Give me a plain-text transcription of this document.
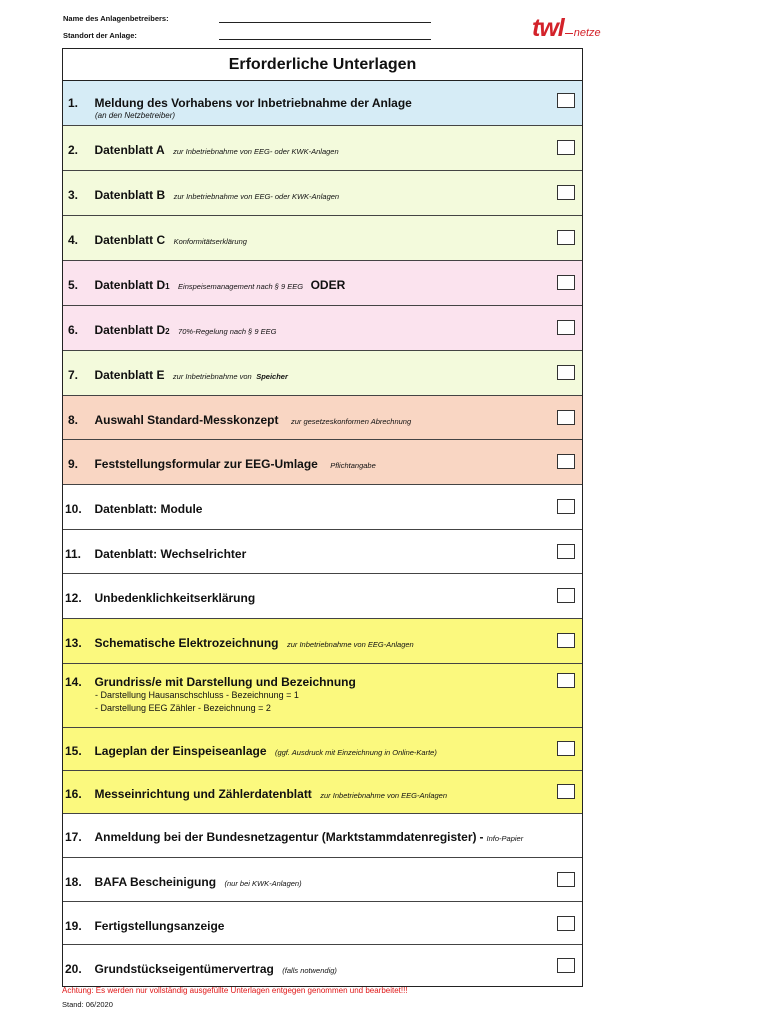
Name des Anlagenbetreibers:
Standort der Anlage:	twl netze
Erforderliche Unterlagen
1. Meldung des Vorhabens vor Inbetriebnahme der Anlage
(an den Netzbetreiber)
2. Datenblatt A zur Inbetriebnahme von EEG- oder KWK-Anlagen
3. Datenblatt B zur Inbetriebnahme von EEG- oder KWK-Anlagen
4. Datenblatt C Konformitätserklärung
5. Datenblatt D1 Einspeisemanagement nach § 9 EEG ODER
6. Datenblatt D2 70%-Regelung nach § 9 EEG
7. Datenblatt E zur Inbetriebnahme von Speicher
8. Auswahl Standard-Messkonzept zur gesetzeskonformen Abrechnung
9. Feststellungsformular zur EEG-Umlage Pflichtangabe
10. Datenblatt: Module
11. Datenblatt: Wechselrichter
12. Unbedenklichkeitserklärung
13. Schematische Elektrozeichnung zur Inbetriebnahme von EEG-Anlagen
14. Grundriss/e mit Darstellung und Bezeichnung
- Darstellung Hausanschschluss - Bezeichnung = 1
- Darstellung EEG Zähler - Bezeichnung = 2
15. Lageplan der Einspeiseanlage (ggf. Ausdruck mit Einzeichnung in Online-Karte)
16. Messeinrichtung und Zählerdatenblatt zur Inbetriebnahme von EEG-Anlagen
17. Anmeldung bei der Bundesnetzagentur (Marktstammdatenregister) - Info-Papier
18. BAFA Bescheinigung (nur bei KWK-Anlagen)
19. Fertigstellungsanzeige
20. Grundstückseigentümervertrag (falls notwendig)
Achtung: Es werden nur vollständig ausgefüllte Unterlagen entgegen genommen und bearbeitet!!!
Stand: 06/2020
